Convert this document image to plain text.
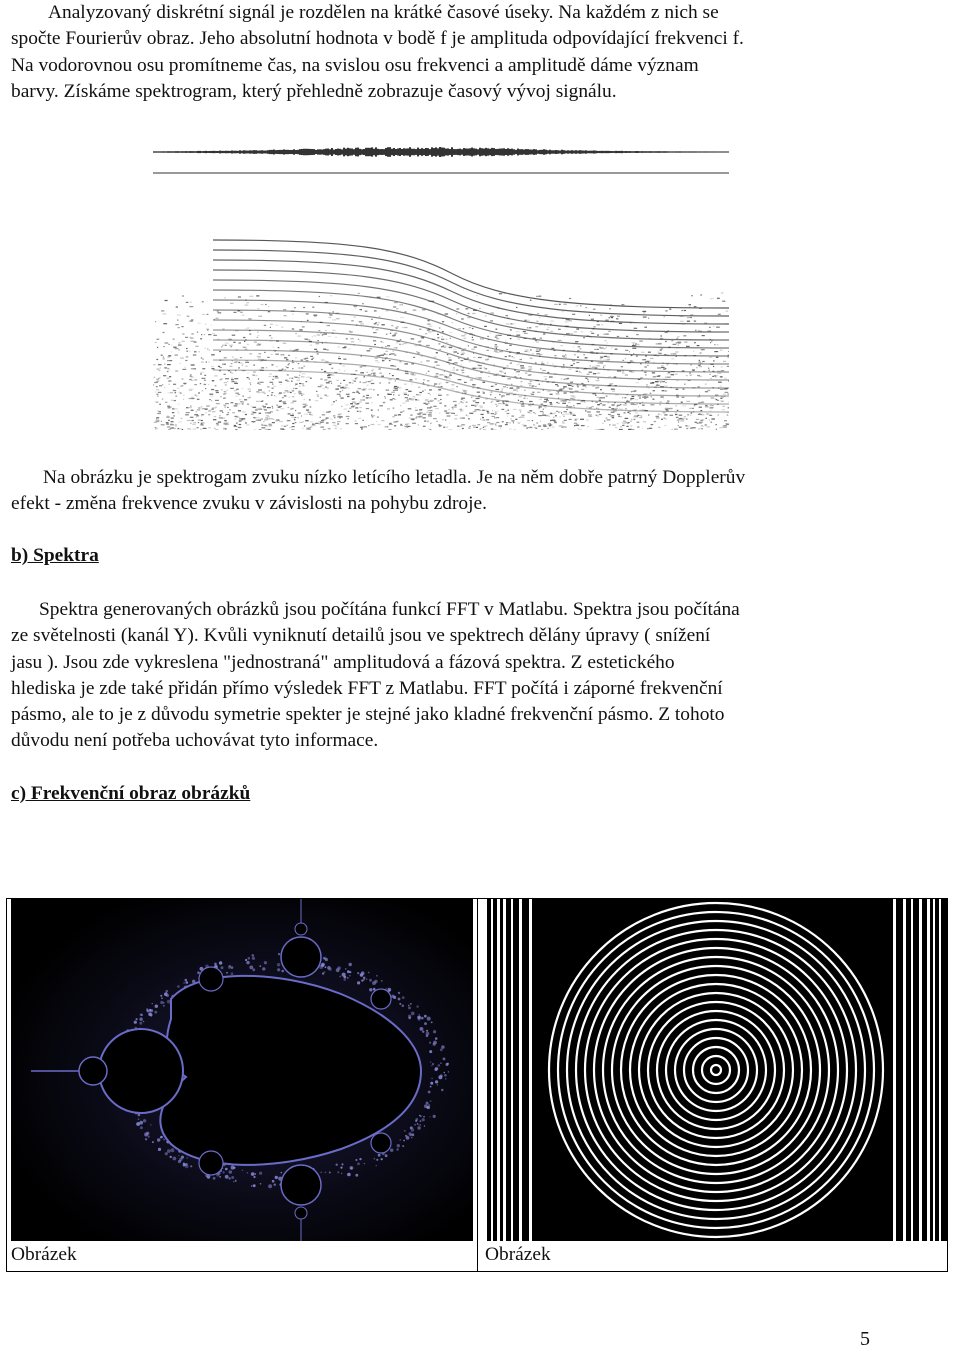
Analyzovaný diskrétní signál je rozdělen na krátké časové úseky. Na každém z nich se
spočte Fourierův obraz. Jeho absolutní hodnota v bodě f je amplituda odpovídající frekvenci f.
Na vodorovnou osu promítneme čas, na svislou osu frekvenci a amplitudě dáme význam
barvy. Získáme spektrogram, který přehledně zobrazuje časový vývoj signálu.

Na obrázku je spektrogam zvuku nízko letícího letadla. Je na něm dobře patrný Dopplerův
efekt - změna frekvence zvuku v závislosti na pohybu zdroje.

b) Spektra

Spektra generovaných obrázků jsou počítána funkcí FFT v Matlabu. Spektra jsou počítána
ze světelnosti (kanál Y). Kvůli vyniknutí detailů jsou ve spektrech dělány úpravy ( snížení
jasu ). Jsou zde vykreslena "jednostraná" amplitudová a fázová spektra. Z estetického
hlediska je zde také přidán přímo výsledek FFT z Matlabu. FFT počítá i záporné frekvenční
pásmo, ale to je z důvodu symetrie spekter je stejné jako kladné frekvenční pásmo. Z tohoto
důvodu není potřeba uchovávat tyto informace.

c) Frekvenční obraz obrázků

Obrázek	Obrázek
5
